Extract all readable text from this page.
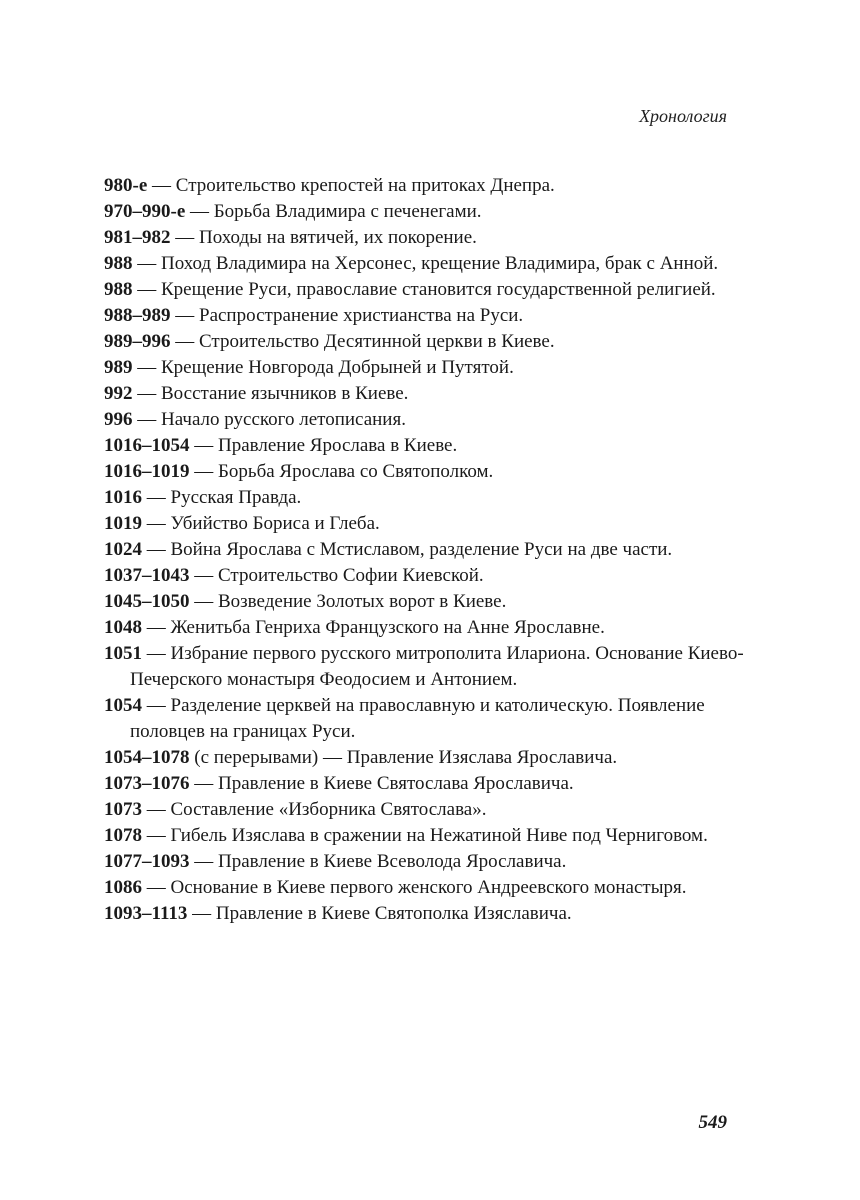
Хронология
980-е — Строительство крепостей на притоках Днепра.
970–990-е — Борьба Владимира с печенегами.
981–982 — Походы на вятичей, их покорение.
988 — Поход Владимира на Херсонес, крещение Владимира, брак с Анной.
988 — Крещение Руси, православие становится государственной религией.
988–989 — Распространение христианства на Руси.
989–996 — Строительство Десятинной церкви в Киеве.
989 — Крещение Новгорода Добрыней и Путятой.
992 — Восстание язычников в Киеве.
996 — Начало русского летописания.
1016–1054 — Правление Ярослава в Киеве.
1016–1019 — Борьба Ярослава со Святополком.
1016 — Русская Правда.
1019 — Убийство Бориса и Глеба.
1024 — Война Ярослава с Мстиславом, разделение Руси на две части.
1037–1043 — Строительство Софии Киевской.
1045–1050 — Возведение Золотых ворот в Киеве.
1048 — Женитьба Генриха Французского на Анне Ярославне.
1051 — Избрание первого русского митрополита Илариона. Основание Киево-Печерского монастыря Феодосием и Антонием.
1054 — Разделение церквей на православную и католическую. Появление половцев на границах Руси.
1054–1078 (с перерывами) — Правление Изяслава Ярославича.
1073–1076 — Правление в Киеве Святослава Ярославича.
1073 — Составление «Изборника Святослава».
1078 — Гибель Изяслава в сражении на Нежатиной Ниве под Черниговом.
1077–1093 — Правление в Киеве Всеволода Ярославича.
1086 — Основание в Киеве первого женского Андреевского монастыря.
1093–1113 — Правление в Киеве Святополка Изяславича.
549
